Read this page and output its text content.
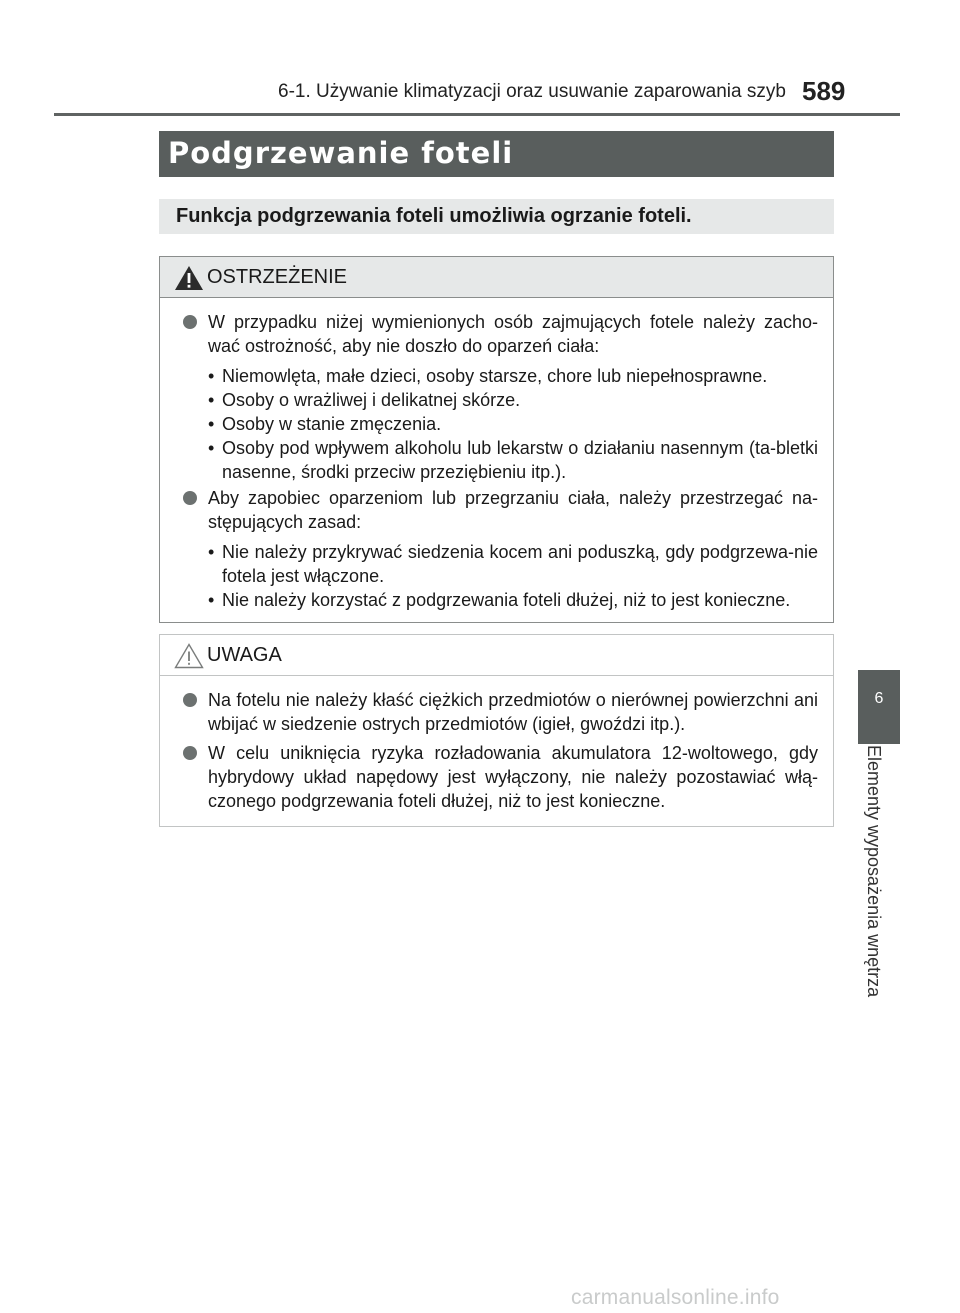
6-1. Używanie klimatyzacji oraz usuwanie zaparowania szyb 589
Podgrzewanie foteli
Funkcja podgrzewania foteli umożliwia ogrzanie foteli.
OSTRZEŻENIE
W przypadku niżej wymienionych osób zajmujących fotele należy zacho-wać ostrożność, aby nie doszło do oparzeń ciała:
• Niemowlęta, małe dzieci, osoby starsze, chore lub niepełnosprawne.
• Osoby o wrażliwej i delikatnej skórze.
• Osoby w stanie zmęczenia.
• Osoby pod wpływem alkoholu lub lekarstw o działaniu nasennym (ta-bletki nasenne, środki przeciw przeziębieniu itp.).
Aby zapobiec oparzeniom lub przegrzaniu ciała, należy przestrzegać na-stępujących zasad:
• Nie należy przykrywać siedzenia kocem ani poduszką, gdy podgrzewa-nie fotela jest włączone.
• Nie należy korzystać z podgrzewania foteli dłużej, niż to jest konieczne.
UWAGA
Na fotelu nie należy kłaść ciężkich przedmiotów o nierównej powierzchni ani wbijać w siedzenie ostrych przedmiotów (igieł, gwoździ itp.).
W celu uniknięcia ryzyka rozładowania akumulatora 12-woltowego, gdy hybrydowy układ napędowy jest wyłączony, nie należy pozostawiać włą-czonego podgrzewania foteli dłużej, niż to jest konieczne.
6
Elementy wyposażenia wnętrza
carmanualsonline.info
